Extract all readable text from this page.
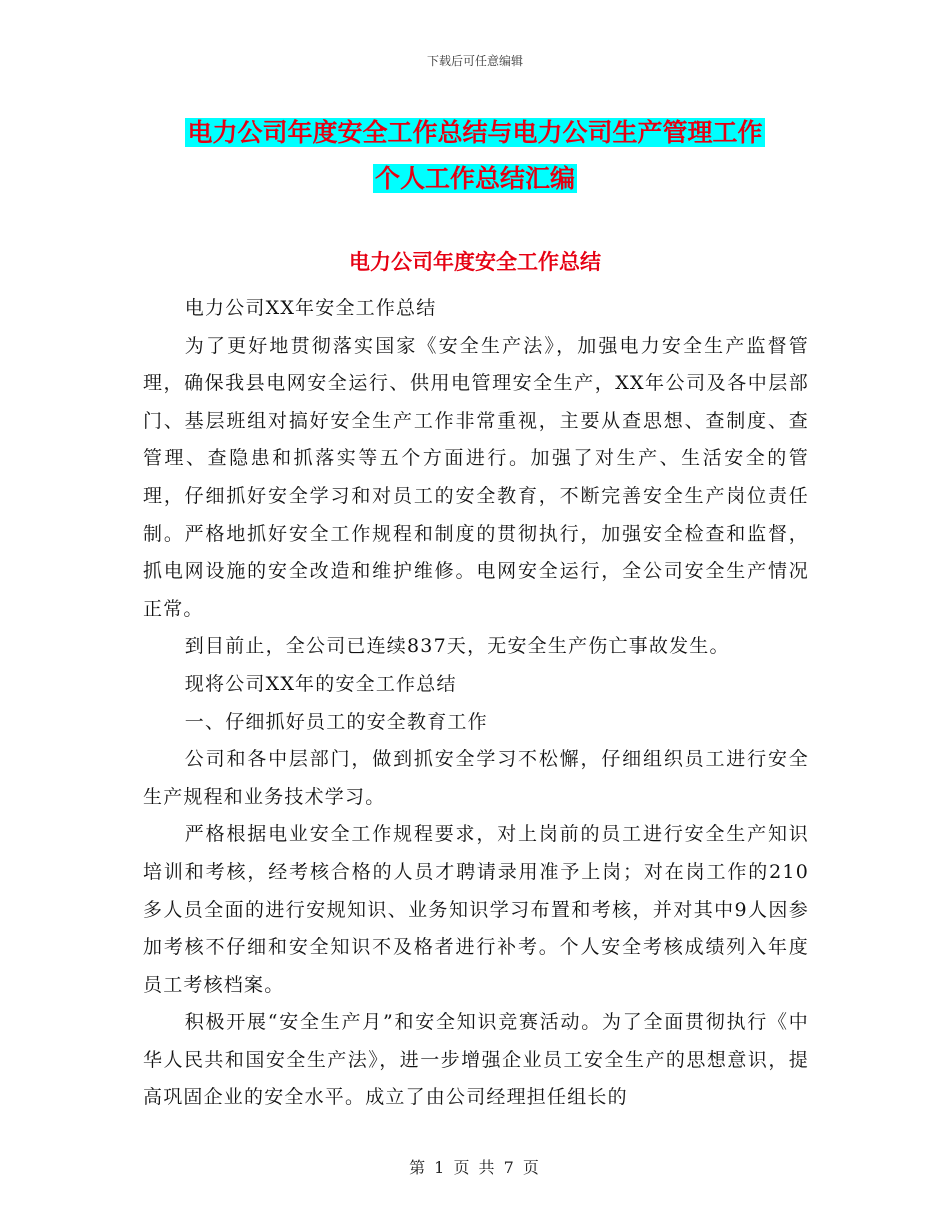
下载后可任意编辑
电力公司年度安全工作总结与电力公司生产管理工作
个人工作总结汇编
电力公司年度安全工作总结

电力公司XX年安全工作总结

为了更好地贯彻落实国家《安全生产法》，加强电力安全生产监督管理，确保我县电网安全运行、供用电管理安全生产，XX年公司及各中层部门、基层班组对搞好安全生产工作非常重视，主要从查思想、查制度、查管理、查隐患和抓落实等五个方面进行。加强了对生产、生活安全的管理，仔细抓好安全学习和对员工的安全教育，不断完善安全生产岗位责任制。严格地抓好安全工作规程和制度的贯彻执行，加强安全检查和监督，抓电网设施的安全改造和维护维修。电网安全运行，全公司安全生产情况正常。

到目前止，全公司已连续837天，无安全生产伤亡事故发生。

现将公司XX年的安全工作总结

一、仔细抓好员工的安全教育工作

公司和各中层部门，做到抓安全学习不松懈，仔细组织员工进行安全生产规程和业务技术学习。

严格根据电业安全工作规程要求，对上岗前的员工进行安全生产知识培训和考核，经考核合格的人员才聘请录用准予上岗；对在岗工作的210多人员全面的进行安规知识、业务知识学习布置和考核，并对其中9人因参加考核不仔细和安全知识不及格者进行补考。个人安全考核成绩列入年度员工考核档案。

积极开展“安全生产月”和安全知识竞赛活动。为了全面贯彻执行《中华人民共和国安全生产法》，进一步增强企业员工安全生产的思想意识，提高巩固企业的安全水平。成立了由公司经理担任组长的

第 1 页 共 7 页
